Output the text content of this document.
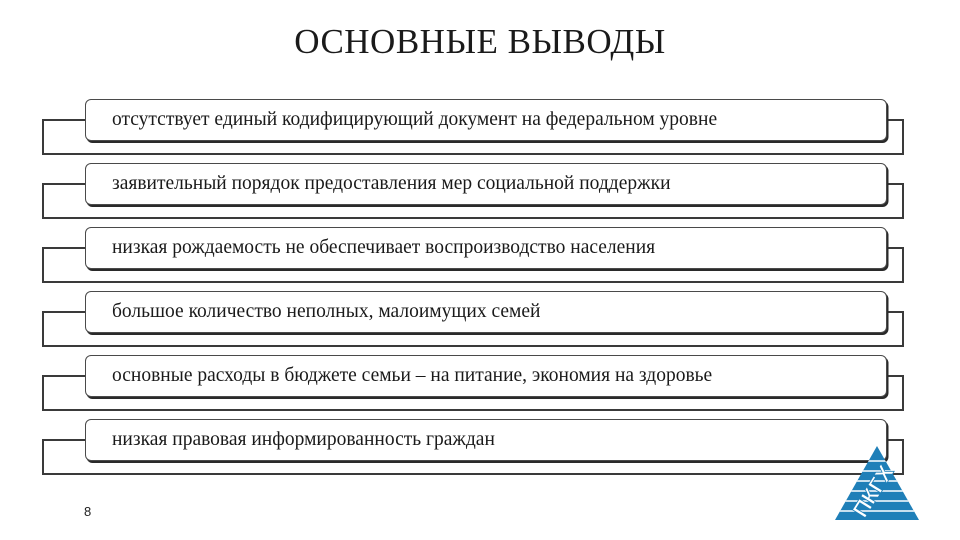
ОСНОВНЫЕ ВЫВОДЫ
отсутствует единый кодифицирующий документ на федеральном уровне
заявительный порядок предоставления мер социальной поддержки
низкая рождаемость не обеспечивает воспроизводство населения
большое количество неполных, малоимущих семей
основные расходы в бюджете семьи – на питание, экономия на здоровье
низкая правовая информированность граждан
8	ПКГХ
